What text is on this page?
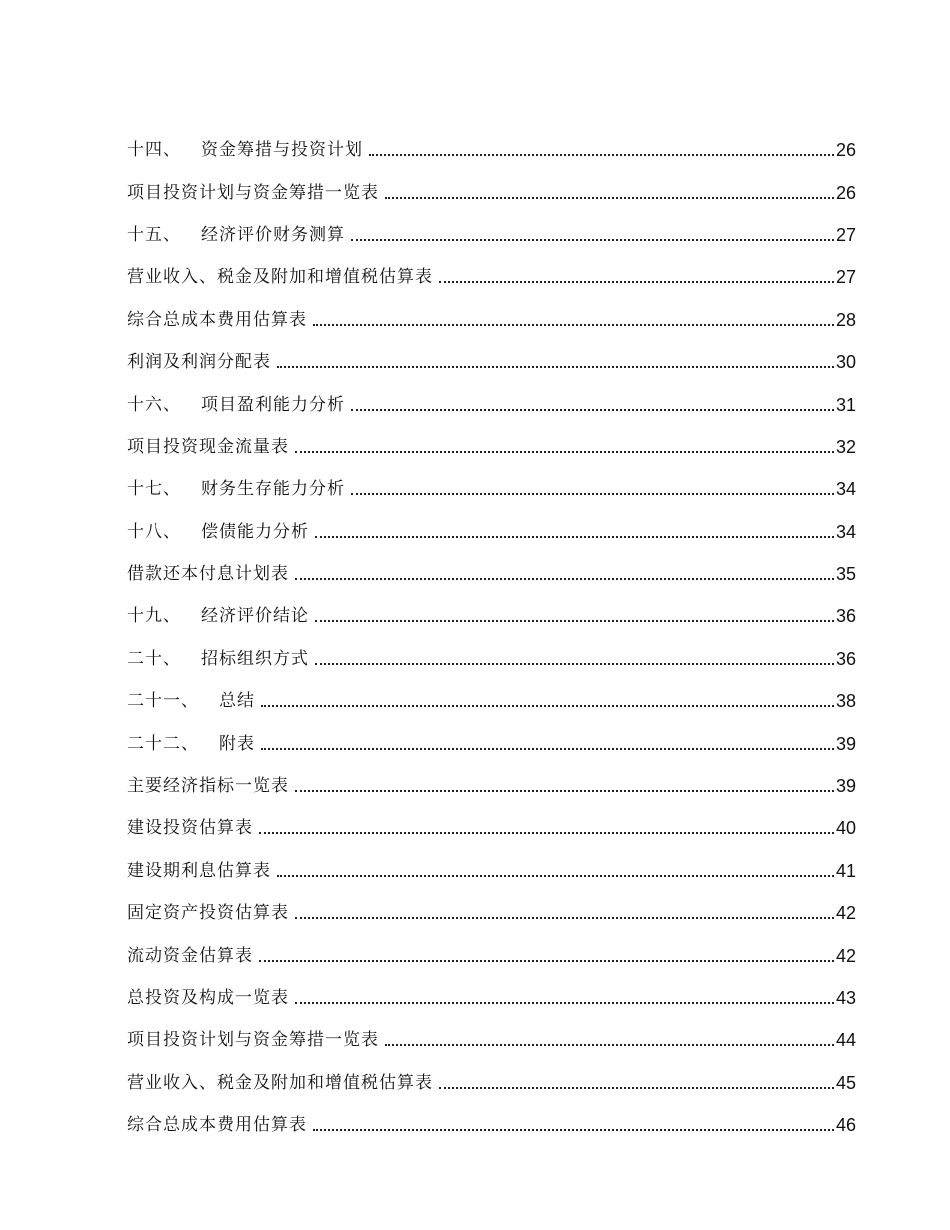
十四、 资金筹措与投资计划	26
项目投资计划与资金筹措一览表	26
十五、 经济评价财务测算	27
营业收入、税金及附加和增值税估算表	27
综合总成本费用估算表	28
利润及利润分配表	30
十六、 项目盈利能力分析	31
项目投资现金流量表	32
十七、 财务生存能力分析	34
十八、 偿债能力分析	34
借款还本付息计划表	35
十九、 经济评价结论	36
二十、 招标组织方式	36
二十一、 总结	38
二十二、 附表	39
主要经济指标一览表	39
建设投资估算表	40
建设期利息估算表	41
固定资产投资估算表	42
流动资金估算表	42
总投资及构成一览表	43
项目投资计划与资金筹措一览表	44
营业收入、税金及附加和增值税估算表	45
综合总成本费用估算表	46
